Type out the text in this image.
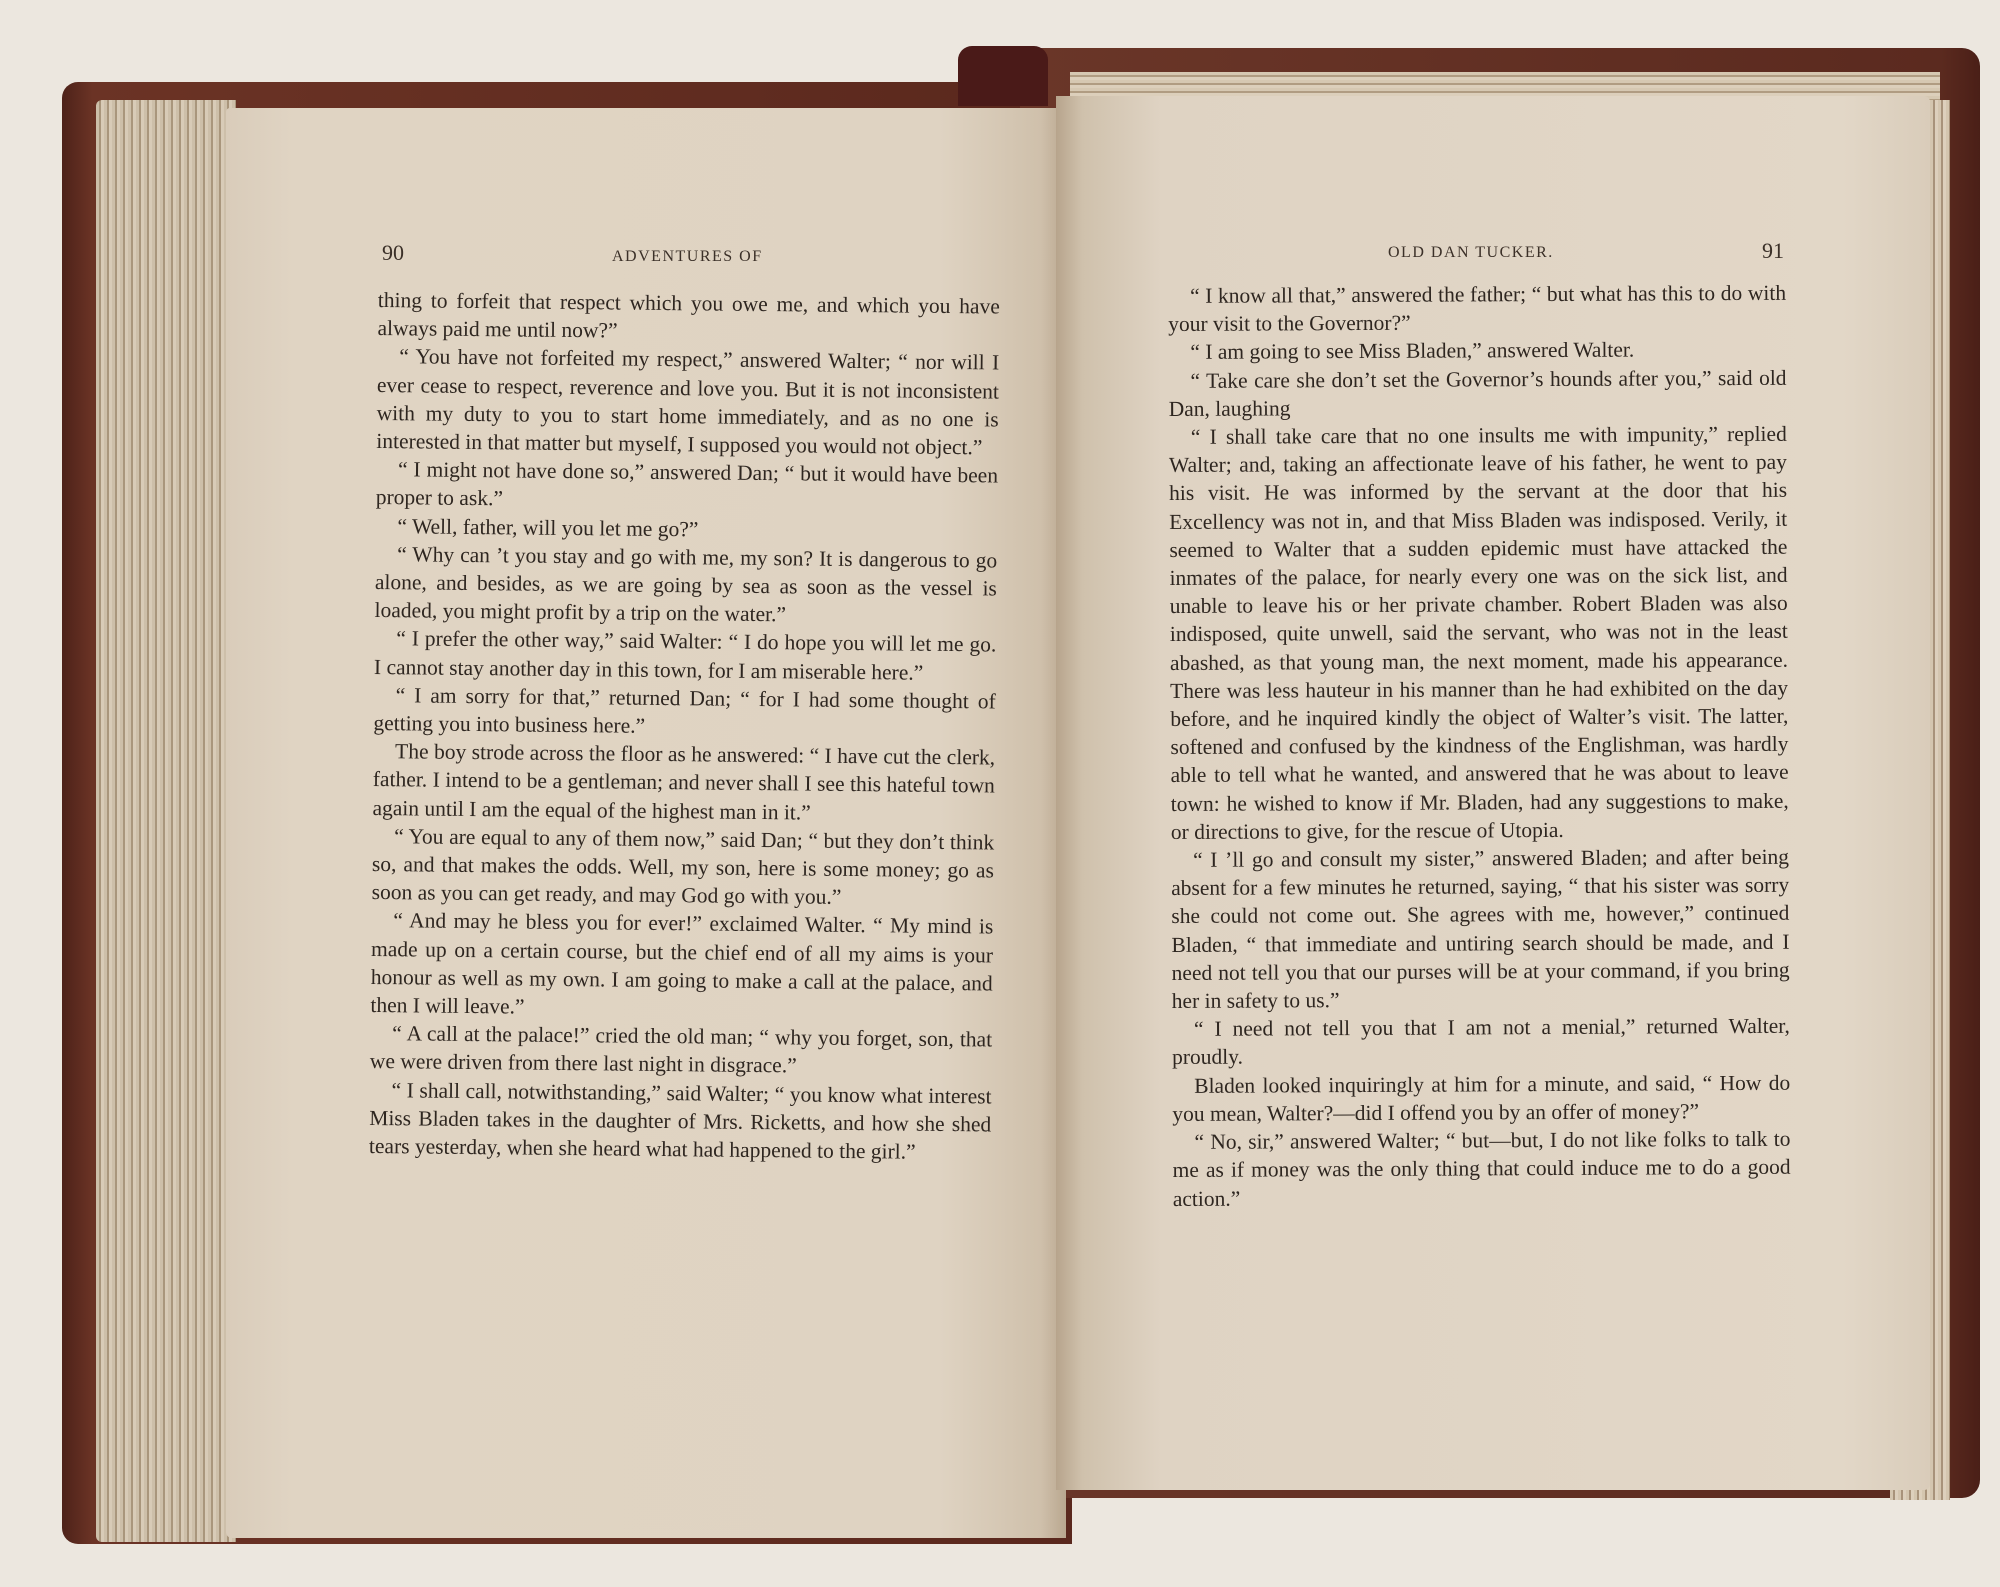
90	ADVENTURES OF	OLD DAN TUCKER.	91

thing to forfeit that respect which you owe me, and which you have always paid me until now?”

“ You have not forfeited my respect,” answered Walter; “ nor will I ever cease to respect, reverence and love you. But it is not inconsistent with my duty to you to start home immediately, and as no one is interested in that matter but myself, I supposed you would not object.”

“ I might not have done so,” answered Dan; “ but it would have been proper to ask.”

“ Well, father, will you let me go?”

“ Why can ’t you stay and go with me, my son? It is dangerous to go alone, and besides, as we are going by sea as soon as the vessel is loaded, you might profit by a trip on the water.”

“ I prefer the other way,” said Walter: “ I do hope you will let me go. I cannot stay another day in this town, for I am miserable here.”

“ I am sorry for that,” returned Dan; “ for I had some thought of getting you into business here.”

The boy strode across the floor as he answered: “ I have cut the clerk, father. I intend to be a gentleman; and never shall I see this hateful town again until I am the equal of the highest man in it.”

“ You are equal to any of them now,” said Dan; “ but they don’t think so, and that makes the odds. Well, my son, here is some money; go as soon as you can get ready, and may God go with you.”

“ And may he bless you for ever!” exclaimed Walter. “ My mind is made up on a certain course, but the chief end of all my aims is your honour as well as my own. I am going to make a call at the palace, and then I will leave.”

“ A call at the palace!” cried the old man; “ why you forget, son, that we were driven from there last night in disgrace.”

“ I shall call, notwithstanding,” said Walter; “ you know what interest Miss Bladen takes in the daughter of Mrs. Ricketts, and how she shed tears yesterday, when she heard what had happened to the girl.”

“ I know all that,” answered the father; “ but what has this to do with your visit to the Governor?”

“ I am going to see Miss Bladen,” answered Walter.

“ Take care she don’t set the Governor’s hounds after you,” said old Dan, laughing

“ I shall take care that no one insults me with impunity,” replied Walter; and, taking an affectionate leave of his father, he went to pay his visit. He was informed by the servant at the door that his Excellency was not in, and that Miss Bladen was indisposed. Verily, it seemed to Walter that a sudden epidemic must have attacked the inmates of the palace, for nearly every one was on the sick list, and unable to leave his or her private chamber. Robert Bladen was also indisposed, quite unwell, said the servant, who was not in the least abashed, as that young man, the next moment, made his appearance. There was less hauteur in his manner than he had exhibited on the day before, and he inquired kindly the object of Walter’s visit. The latter, softened and confused by the kindness of the Englishman, was hardly able to tell what he wanted, and answered that he was about to leave town: he wished to know if Mr. Bladen, had any suggestions to make, or directions to give, for the rescue of Utopia.

“ I ’ll go and consult my sister,” answered Bladen; and after being absent for a few minutes he returned, saying, “ that his sister was sorry she could not come out. She agrees with me, however,” continued Bladen, “ that immediate and untiring search should be made, and I need not tell you that our purses will be at your command, if you bring her in safety to us.”

“ I need not tell you that I am not a menial,” returned Walter, proudly.

Bladen looked inquiringly at him for a minute, and said, “ How do you mean, Walter?—did I offend you by an offer of money?”

“ No, sir,” answered Walter; “ but—but, I do not like folks to talk to me as if money was the only thing that could induce me to do a good action.”
